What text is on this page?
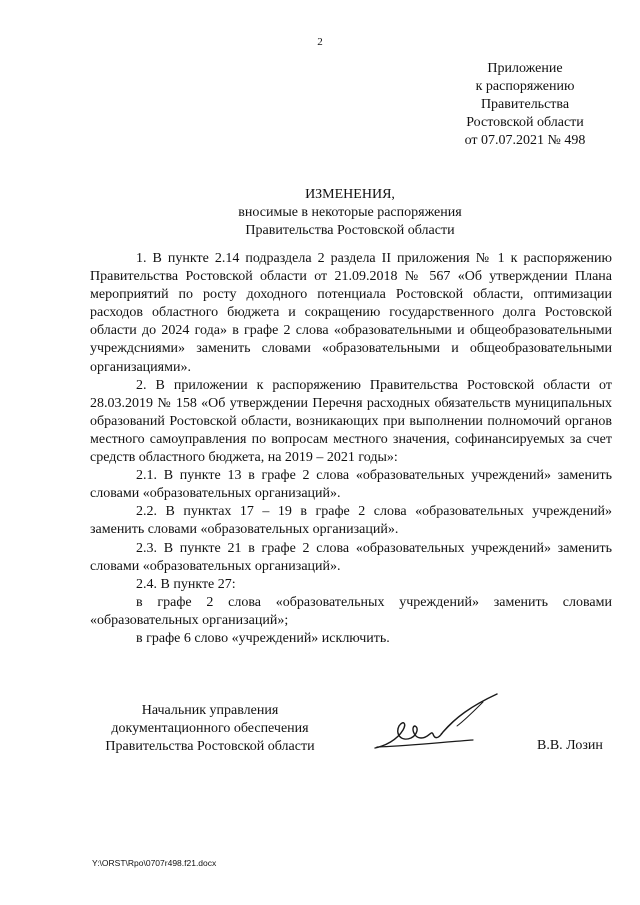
2
Приложение
к распоряжению
Правительства
Ростовской области
от 07.07.2021 № 498
ИЗМЕНЕНИЯ,
вносимые в некоторые распоряжения
Правительства Ростовской области

1. В пункте 2.14 подраздела 2 раздела II приложения № 1 к распоряжению Правительства Ростовской области от 21.09.2018 № 567 «Об утверждении Плана мероприятий по росту доходного потенциала Ростовской области, оптимизации расходов областного бюджета и сокращению государственного долга Ростовской области до 2024 года» в графе 2 слова «образовательными и общеобразовательными учреждсниями» заменить словами «образовательными и общеобразовательными организациями».

2. В приложении к распоряжению Правительства Ростовской области от 28.03.2019 № 158 «Об утверждении Перечня расходных обязательств муниципальных образований Ростовской области, возникающих при выполнении полномочий органов местного самоуправления по вопросам местного значения, софинансируемых за счет средств областного бюджета, на 2019 – 2021 годы»:

2.1. В пункте 13 в графе 2 слова «образовательных учреждений» заменить словами «образовательных организаций».

2.2. В пунктах 17 – 19 в графе 2 слова «образовательных учреждений» заменить словами «образовательных организаций».

2.3. В пункте 21 в графе 2 слова «образовательных учреждений» заменить словами «образовательных организаций».

2.4. В пункте 27:

в графе 2 слова «образовательных учреждений» заменить словами «образовательных организаций»;

в графе 6 слово «учреждений» исключить.

Начальник управления
документационного обеспечения
Правительства Ростовской области	В.В. Лозин
Y:\ORST\Rpo\0707r498.f21.docx
